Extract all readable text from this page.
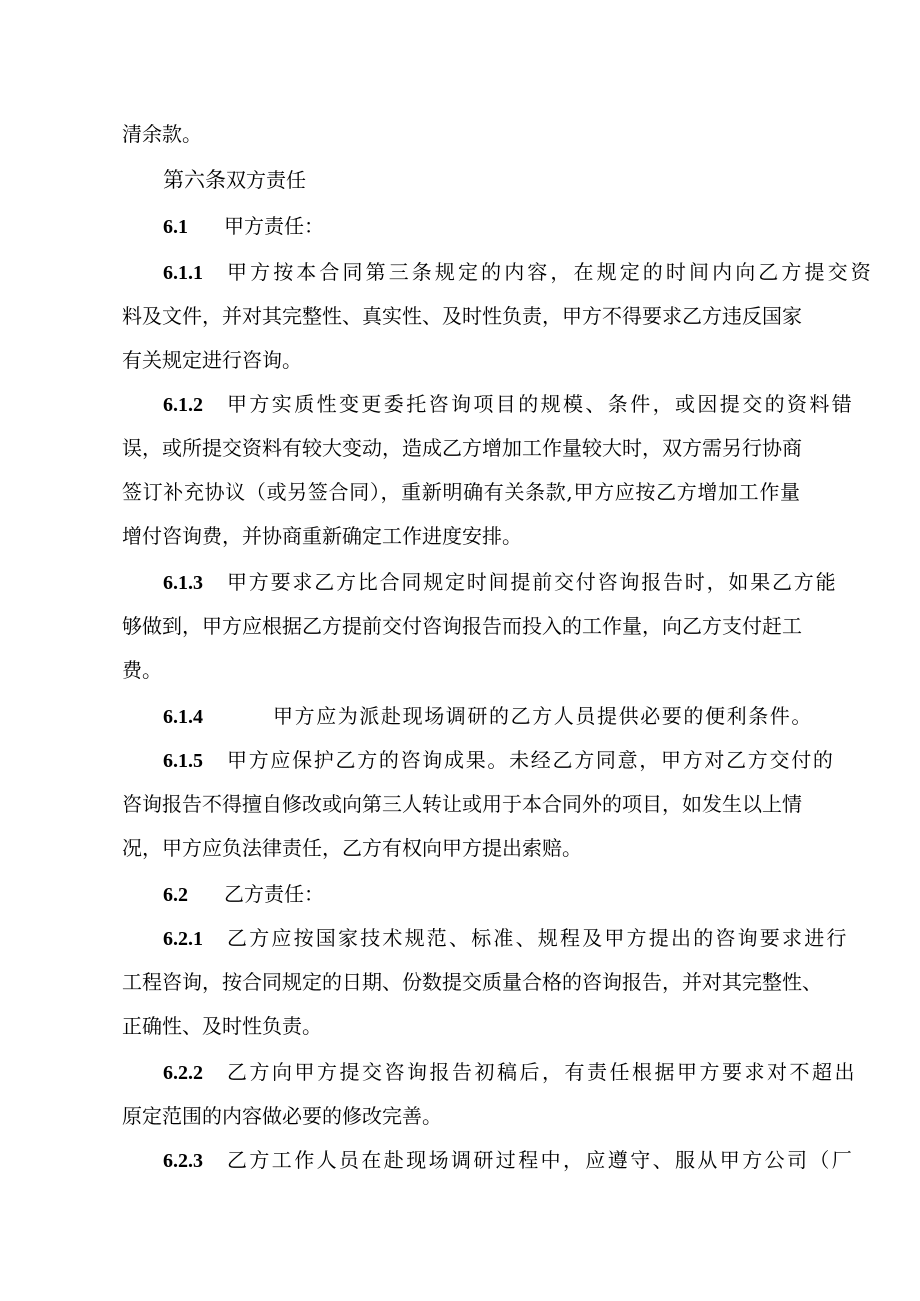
清余款。
第六条双方责任
6.1 甲方责任：
6.1.1 甲方按本合同第三条规定的内容，在规定的时间内向乙方提交资
料及文件，并对其完整性、真实性、及时性负责，甲方不得要求乙方违反国家
有关规定进行咨询。
6.1.2 甲方实质性变更委托咨询项目的规模、条件，或因提交的资料错
误，或所提交资料有较大变动，造成乙方增加工作量较大时，双方需另行协商
签订补充协议（或另签合同），重新明确有关条款,甲方应按乙方增加工作量
增付咨询费，并协商重新确定工作进度安排。
6.1.3 甲方要求乙方比合同规定时间提前交付咨询报告时，如果乙方能
够做到，甲方应根据乙方提前交付咨询报告而投入的工作量，向乙方支付赶工
费。
6.1.4	甲方应为派赴现场调研的乙方人员提供必要的便利条件。
6.1.5 甲方应保护乙方的咨询成果。未经乙方同意，甲方对乙方交付的
咨询报告不得擅自修改或向第三人转让或用于本合同外的项目，如发生以上情
况，甲方应负法律责任，乙方有权向甲方提出索赔。
6.2 乙方责任：
6.2.1 乙方应按国家技术规范、标准、规程及甲方提出的咨询要求进行
工程咨询，按合同规定的日期、份数提交质量合格的咨询报告，并对其完整性、
正确性、及时性负责。
6.2.2 乙方向甲方提交咨询报告初稿后，有责任根据甲方要求对不超出
原定范围的内容做必要的修改完善。
6.2.3 乙方工作人员在赴现场调研过程中，应遵守、服从甲方公司（厂
